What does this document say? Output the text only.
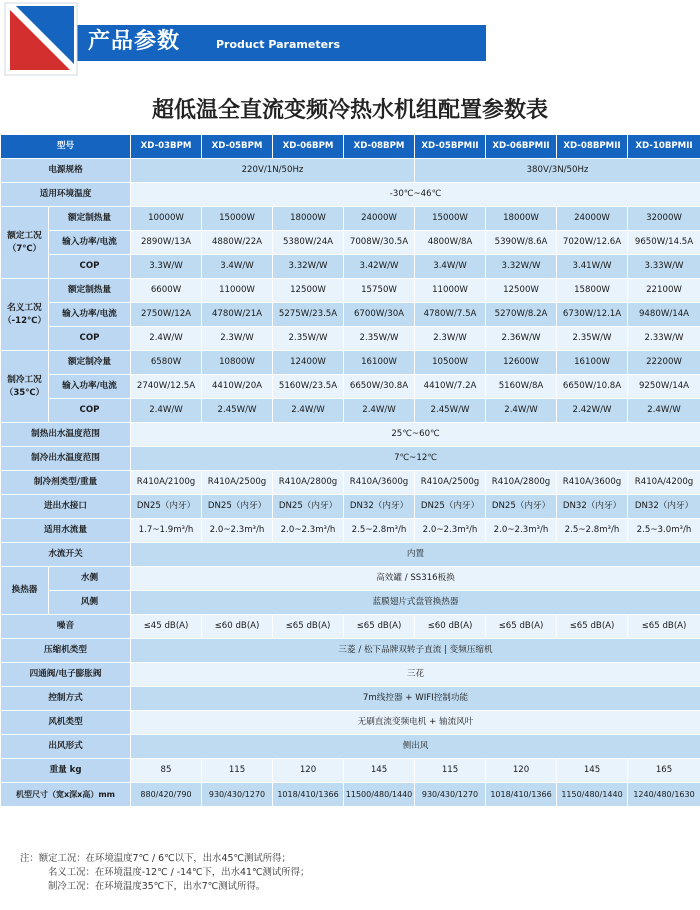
产品参数	Product Parameters
超低温全直流变频冷热水机组配置参数表
型号		XD-03BPM	XD-05BPM	XD-06BPM	XD-08BPM	XD-05BPMII	XD-06BPMII	XD-08BPMII	XD-10BPMII
电源规格		220V/1N/50Hz				380V/3N/50Hz			
适用环境温度		-30℃~46℃							
额定工况
（7℃）	额定制热量	10000W	15000W	18000W	24000W	15000W	18000W	24000W	32000W
	输入功率/电流	2890W/13A	4880W/22A	5380W/24A	7008W/30.5A	4800W/8A	5390W/8.6A	7020W/12.6A	9650W/14.5A
	COP	3.3W/W	3.4W/W	3.32W/W	3.42W/W	3.4W/W	3.32W/W	3.41W/W	3.33W/W
名义工况
（-12℃）	额定制热量	6600W	11000W	12500W	15750W	11000W	12500W	15800W	22100W
	输入功率/电流	2750W/12A	4780W/21A	5275W/23.5A	6700W/30A	4780W/7.5A	5270W/8.2A	6730W/12.1A	9480W/14A
	COP	2.4W/W	2.3W/W	2.35W/W	2.35W/W	2.3W/W	2.36W/W	2.35W/W	2.33W/W
制冷工况
（35℃）	额定制冷量	6580W	10800W	12400W	16100W	10500W	12600W	16100W	22200W
	输入功率/电流	2740W/12.5A	4410W/20A	5160W/23.5A	6650W/30.8A	4410W/7.2A	5160W/8A	6650W/10.8A	9250W/14A
	COP	2.4W/W	2.45W/W	2.4W/W	2.4W/W	2.45W/W	2.4W/W	2.42W/W	2.4W/W
制热出水温度范围		25℃~60℃							
制冷出水温度范围		7℃~12℃							
制冷剂类型/重量		R410A/2100g	R410A/2500g	R410A/2800g	R410A/3600g	R410A/2500g	R410A/2800g	R410A/3600g	R410A/4200g
进出水接口		DN25（内牙）	DN25（内牙）	DN25（内牙）	DN32（内牙）	DN25（内牙）	DN25（内牙）	DN32（内牙）	DN32（内牙）
适用水流量		1.7~1.9m³/h	2.0~2.3m³/h	2.0~2.3m³/h	2.5~2.8m³/h	2.0~2.3m³/h	2.0~2.3m³/h	2.5~2.8m³/h	2.5~3.0m³/h
水流开关		内置							
换热器	水侧	高效罐 / SS316板换							
	风侧	蓝膜翅片式盘管换热器							
噪音		≤45 dB(A)	≤60 dB(A)	≤65 dB(A)	≤65 dB(A)	≤60 dB(A)	≤65 dB(A)	≤65 dB(A)	≤65 dB(A)
压缩机类型		三菱 / 松下品牌双转子直流 | 变频压缩机							
四通阀/电子膨胀阀		三花							
控制方式		7m线控器 + WIFI控制功能							
风机类型		无刷直流变频电机 + 轴流风叶							
出风形式		侧出风							
重量 kg		85	115	120	145	115	120	145	165
机型尺寸（宽x深x高）mm		880/420/790	930/430/1270	1018/410/1366	11500/480/1440	930/430/1270	1018/410/1366	1150/480/1440	1240/480/1630
注：额定工况：在环境温度7℃ / 6℃以下，出水45℃测试所得；
名义工况：在环境温度-12℃ / -14℃下，出水41℃测试所得；
制冷工况：在环境温度35℃下，出水7℃测试所得。
